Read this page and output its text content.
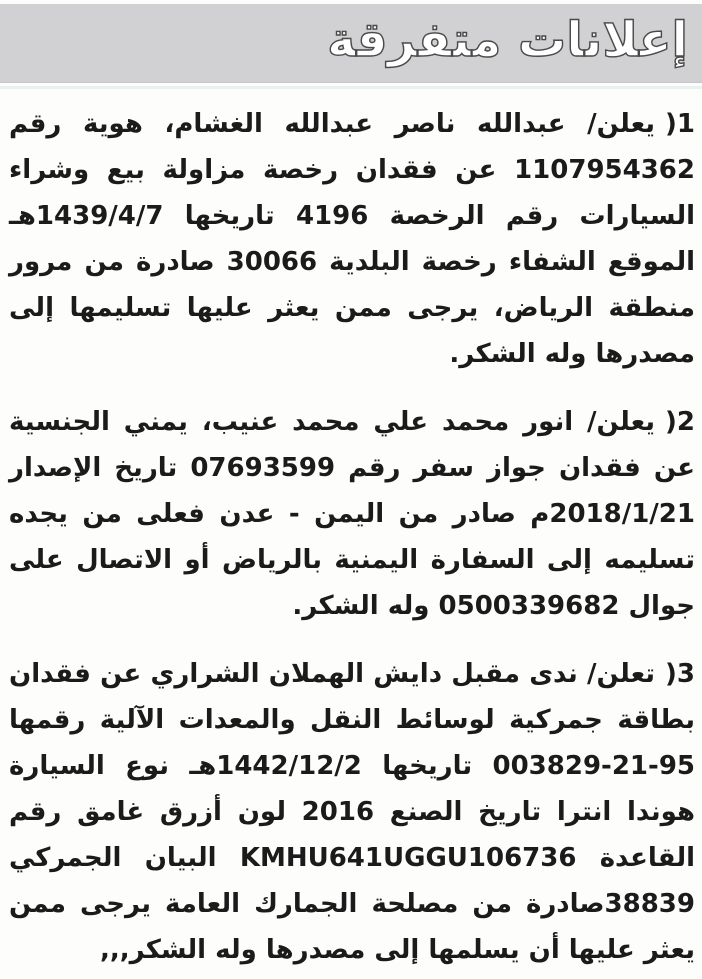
إعلانات متفرقة

1(يعلن/ عبدالله ناصر عبدالله الغشام، هوية رقم 1107954362 عن فقدان رخصة مزاولة بيع وشراء السيارات رقم الرخصة 4196 تاريخها 1439/4/7هـ الموقع الشفاء رخصة البلدية 30066 صادرة من مرور منطقة الرياض، يرجى ممن يعثر عليها تسليمها إلى مصدرها وله الشكر.

2(يعلن/ انور محمد علي محمد عنيب، يمني الجنسية عن فقدان جواز سفر رقم 07693599 تاريخ الإصدار 2018/1/21م صادر من اليمن - عدن فعلى من يجده تسليمه إلى السفارة اليمنية بالرياض أو الاتصال على جوال 0500339682 وله الشكر.

3(تعلن/ ندى مقبل دايش الهملان الشراري عن فقدان بطاقة جمركية لوسائط النقل والمعدات الآلية رقمها 95-21-003829 تاريخها 1442/12/2هـ نوع السيارة هوندا انترا تاريخ الصنع 2016 لون أزرق غامق رقم القاعدة KMHU641UGGU106736 البيان الجمركي 38839صادرة من مصلحة الجمارك العامة يرجى ممن يعثر عليها أن يسلمها إلى مصدرها وله الشكر,,,
